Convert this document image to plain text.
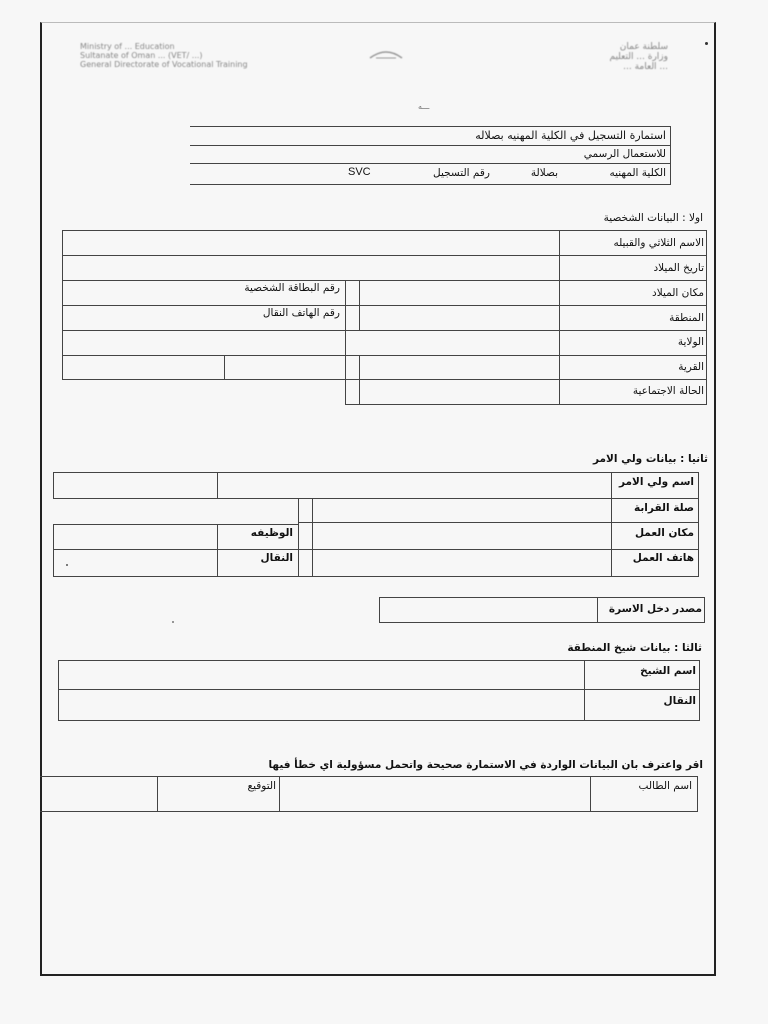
Ministry of ... Education
Sultanate of Oman ... (VET/ ...)
General Directorate of Vocational Training
سلطنة عمان
وزارة ... التعليم
... العامة ...
ـــه
استمارة التسجيل في الكلية المهنيه بصلاله
للاستعمال الرسمي
الكلية المهنيه
بصلالة
رقم التسجيل
SVC
اولا : البيانات الشخصية
الاسم الثلاثي والقبيله
تاريخ الميلاد
مكان الميلاد
رقم البطاقة الشخصية
المنطقة
رقم الهاتف النقال
الولاية
القرية
الحالة الاجتماعية
ثانيا : بيانات ولي الامر
اسم ولي الامر
صلة القرابة
مكان العمل
هاتف العمل
الوظيفه
النقال
مصدر دخل الاسرة
ثالثا : بيانات شيخ المنطقة
اسم الشيخ
النقال
اقر واعترف بان البيانات الواردة في الاستمارة صحيحة واتحمل مسؤولية اي خطأ فيها
اسم الطالب
التوقيع
